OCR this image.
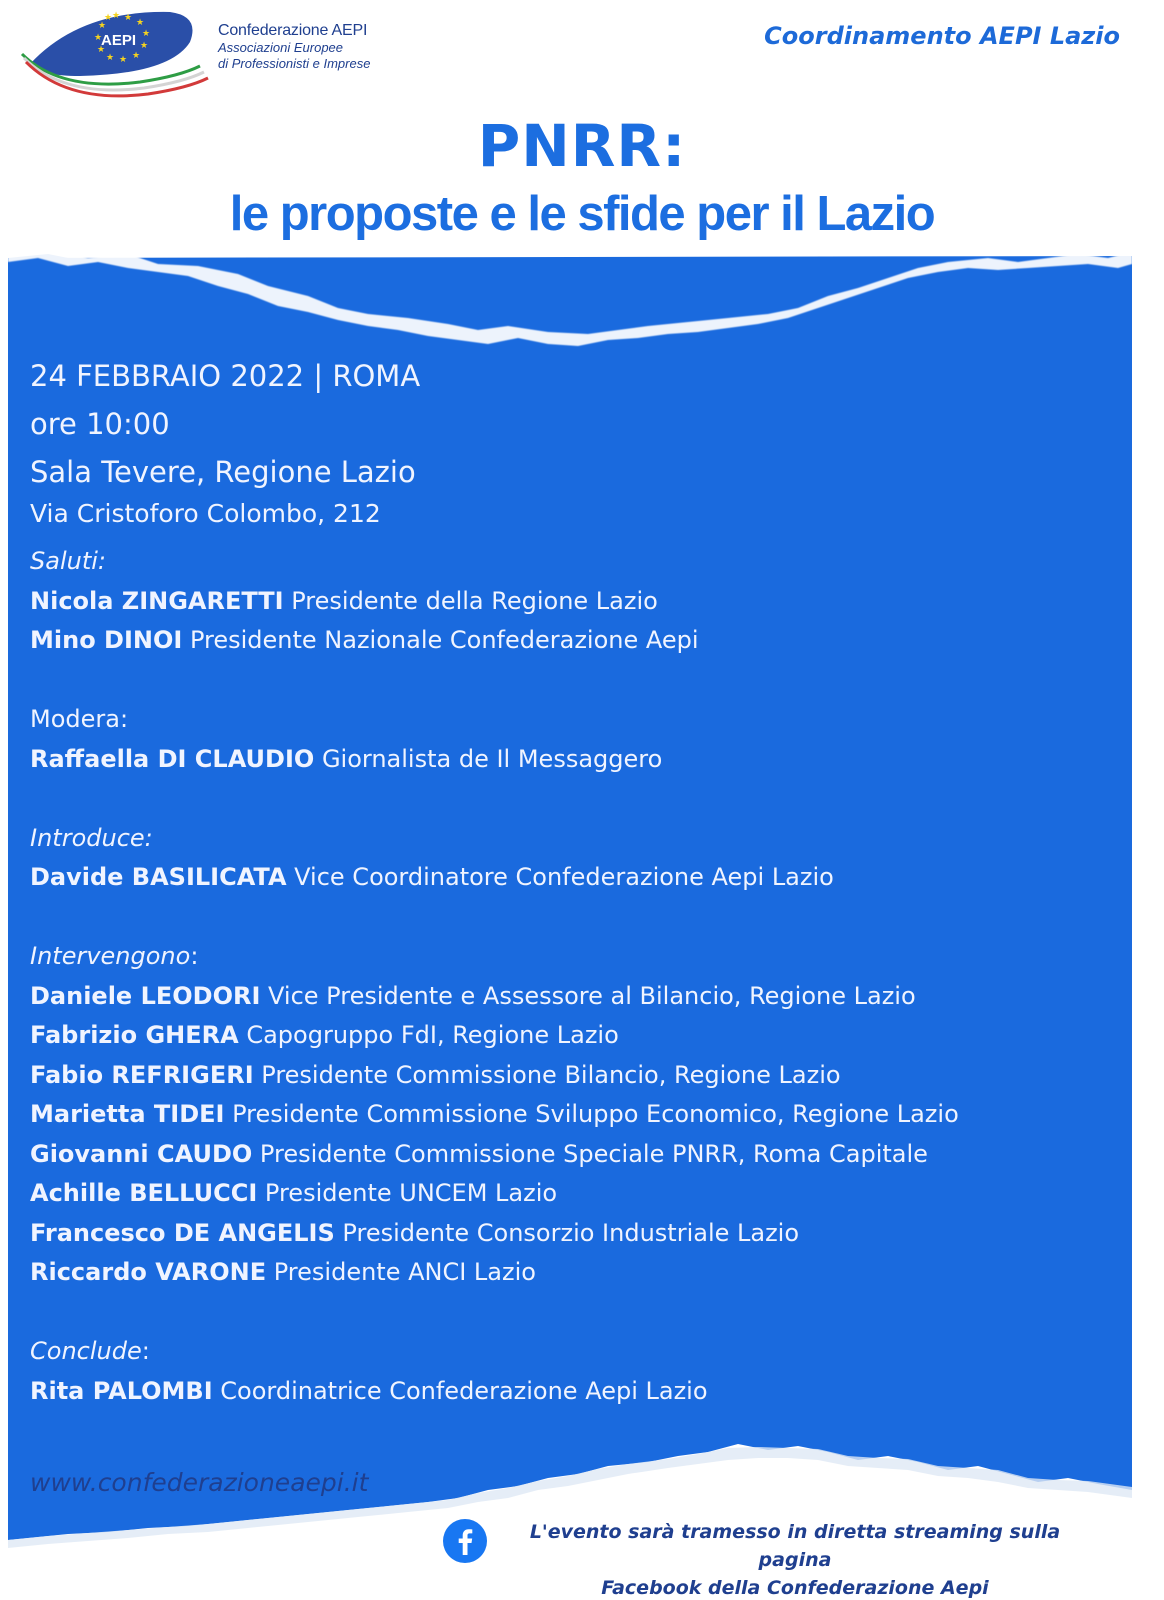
★ ★ ★
★
★
★
★
★
★
★
★
★
AEPI
Confederazione AEPI
Associazioni Europee
di Professionisti e Imprese
Coordinamento AEPI Lazio
PNRR:
le proposte e le sfide per il Lazio
24 FEBBRAIO 2022 | ROMA
ore 10:00
Sala Tevere, Regione Lazio
Via Cristoforo Colombo, 212
Saluti:
Nicola ZINGARETTI Presidente della Regione Lazio
Mino DINOI Presidente Nazionale Confederazione Aepi
Modera:
Raffaella DI CLAUDIO Giornalista de Il Messaggero
Introduce:
Davide BASILICATA Vice Coordinatore Confederazione Aepi Lazio
Intervengono:
Daniele LEODORI Vice Presidente e Assessore al Bilancio, Regione Lazio
Fabrizio GHERA Capogruppo FdI, Regione Lazio
Fabio REFRIGERI Presidente Commissione Bilancio, Regione Lazio
Marietta TIDEI Presidente Commissione Sviluppo Economico, Regione Lazio
Giovanni CAUDO Presidente Commissione Speciale PNRR, Roma Capitale
Achille BELLUCCI Presidente UNCEM Lazio
Francesco DE ANGELIS Presidente Consorzio Industriale Lazio
Riccardo VARONE Presidente ANCI Lazio
Conclude:
Rita PALOMBI Coordinatrice Confederazione Aepi Lazio
www.confederazioneaepi.it
L'evento sarà tramesso in diretta streaming sulla pagina
Facebook della Confederazione Aepi
